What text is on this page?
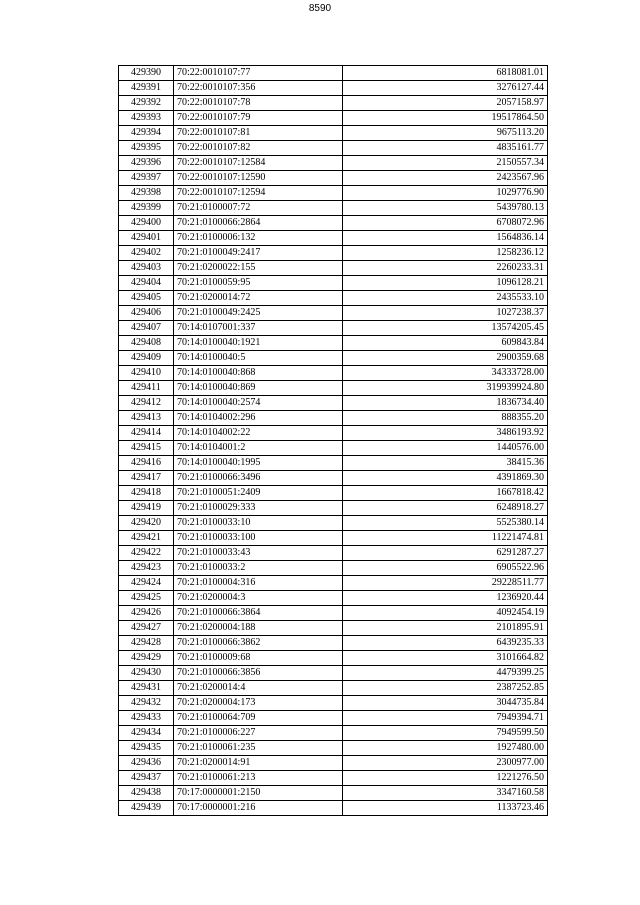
8590
429390	70:22:0010107:77	6818081.01
429391	70:22:0010107:356	3276127.44
429392	70:22:0010107:78	2057158.97
429393	70:22:0010107:79	19517864.50
429394	70:22:0010107:81	9675113.20
429395	70:22:0010107:82	4835161.77
429396	70:22:0010107:12584	2150557.34
429397	70:22:0010107:12590	2423567.96
429398	70:22:0010107:12594	1029776.90
429399	70:21:0100007:72	5439780.13
429400	70:21:0100066:2864	6708072.96
429401	70:21:0100006:132	1564836.14
429402	70:21:0100049:2417	1258236.12
429403	70:21:0200022:155	2260233.31
429404	70:21:0100059:95	1096128.21
429405	70:21:0200014:72	2435533.10
429406	70:21:0100049:2425	1027238.37
429407	70:14:0107001:337	13574205.45
429408	70:14:0100040:1921	609843.84
429409	70:14:0100040:5	2900359.68
429410	70:14:0100040:868	34333728.00
429411	70:14:0100040:869	319939924.80
429412	70:14:0100040:2574	1836734.40
429413	70:14:0104002:296	888355.20
429414	70:14:0104002:22	3486193.92
429415	70:14:0104001:2	1440576.00
429416	70:14:0100040:1995	38415.36
429417	70:21:0100066:3496	4391869.30
429418	70:21:0100051:2409	1667818.42
429419	70:21:0100029:333	6248918.27
429420	70:21:0100033:10	5525380.14
429421	70:21:0100033:100	11221474.81
429422	70:21:0100033:43	6291287.27
429423	70:21:0100033:2	6905522.96
429424	70:21:0100004:316	29228511.77
429425	70:21:0200004:3	1236920.44
429426	70:21:0100066:3864	4092454.19
429427	70:21:0200004:188	2101895.91
429428	70:21:0100066:3862	6439235.33
429429	70:21:0100009:68	3101664.82
429430	70:21:0100066:3856	4479399.25
429431	70:21:0200014:4	2387252.85
429432	70:21:0200004:173	3044735.84
429433	70:21:0100064:709	7949394.71
429434	70:21:0100006:227	7949599.50
429435	70:21:0100061:235	1927480.00
429436	70:21:0200014:91	2300977.00
429437	70:21:0100061:213	1221276.50
429438	70:17:0000001:2150	3347160.58
429439	70:17:0000001:216	1133723.46
